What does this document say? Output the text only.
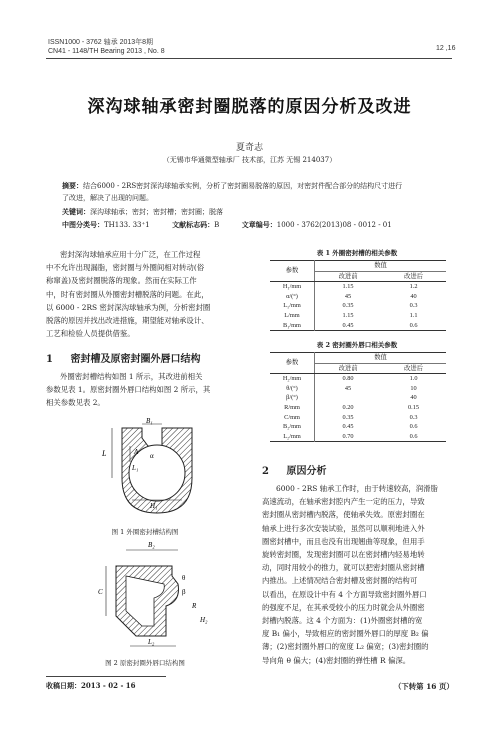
ISSN1000 - 3762 轴承 2013年8期
CN41 - 1148/TH Bearing 2013 , No. 8	12 ,16
深沟球轴承密封圈脱落的原因分析及改进
夏奇志
（无锡市华通微型轴承厂 技术部，江苏 无锡 214037）
摘要：结合6000 - 2RS密封深沟球轴承实例，分析了密封圈易脱落的原因，对密封件配合部分的结构尺寸进行
了改进，解决了出现的问题。
关键词：深沟球轴承；密封；密封槽；密封圈；脱落
中图分类号：TH133. 33⁺1	文献标志码：B	文章编号：1000 - 3762(2013)08 - 0012 - 01
密封深沟球轴承应用十分广泛，在工作过程
中不允许出现漏脂，密封圈与外圈间相对转动(俗
称窜盖)及密封圈脱落的现象。然而在实际工作
中，时有密封圈从外圈密封槽脱落的问题。在此，
以 6000 - 2RS 密封深沟球轴承为例，分析密封圈
脱落的原因并找出改进措施，期望能对轴承设计、
工艺和检验人员提供借鉴。
1 密封槽及原密封圈外唇口结构
外圈密封槽结构如图 1 所示，其改进前相关
参数见表 1。原密封圈外唇口结构如图 2 所示，其
相关参数见表 2。
L	A
H₁
α
B₁
L₁
图 1 外圈密封槽结构图
B₂
C
θ
β
R
H₂
L₂
图 2 原密封圈外唇口结构图
收稿日期：2013 - 02 - 16
表 1 外圈密封槽的相关参数
参数	数值	
	改进前	改进后
H₁/mm	1.15	1.2
α/(°)	45	40
L₁/mm	0.35	0.3
L/mm	1.15	1.1
B₁/mm	0.45	0.6
表 2 密封圈外唇口相关参数
参数	数值	
	改进前	改进后
H₂/mm	0.80	1.0
θ/(°)	45	10
β/(°)		40
R/mm	0.20	0.15
C/mm	0.35	0.3
B₂/mm	0.45	0.6
L₂/mm	0.70	0.6
2 原因分析
6000 - 2RS 轴承工作时，由于转速较高，润滑脂
高速流动，在轴承密封腔内产生一定的压力，导致
密封圈从密封槽内脱落，使轴承失效。原密封圈在
轴承上进行多次安装试验，虽然可以顺利地进入外
圈密封槽中，而且也没有出现翘曲等现象，但用手
旋转密封圈，发现密封圈可以在密封槽内轻易地转
动，同时用较小的推力，就可以把密封圈从密封槽
内推出。上述情况结合密封槽及密封圈的结构可
以看出，在原设计中有 4 个方面导致密封圈外唇口
的强度不足，在其承受较小的压力时就会从外圈密
封槽内脱落。这 4 个方面为：(1)外圈密封槽的宽
度 B₁ 偏小，导致相应的密封圈外唇口的厚度 B₂ 偏
薄；(2)密封圈外唇口的宽度 L₂ 偏宽；(3)密封圈的
导向角 θ 偏大；(4)密封圈的弹性槽 R 偏深。
（下转第 16 页）
